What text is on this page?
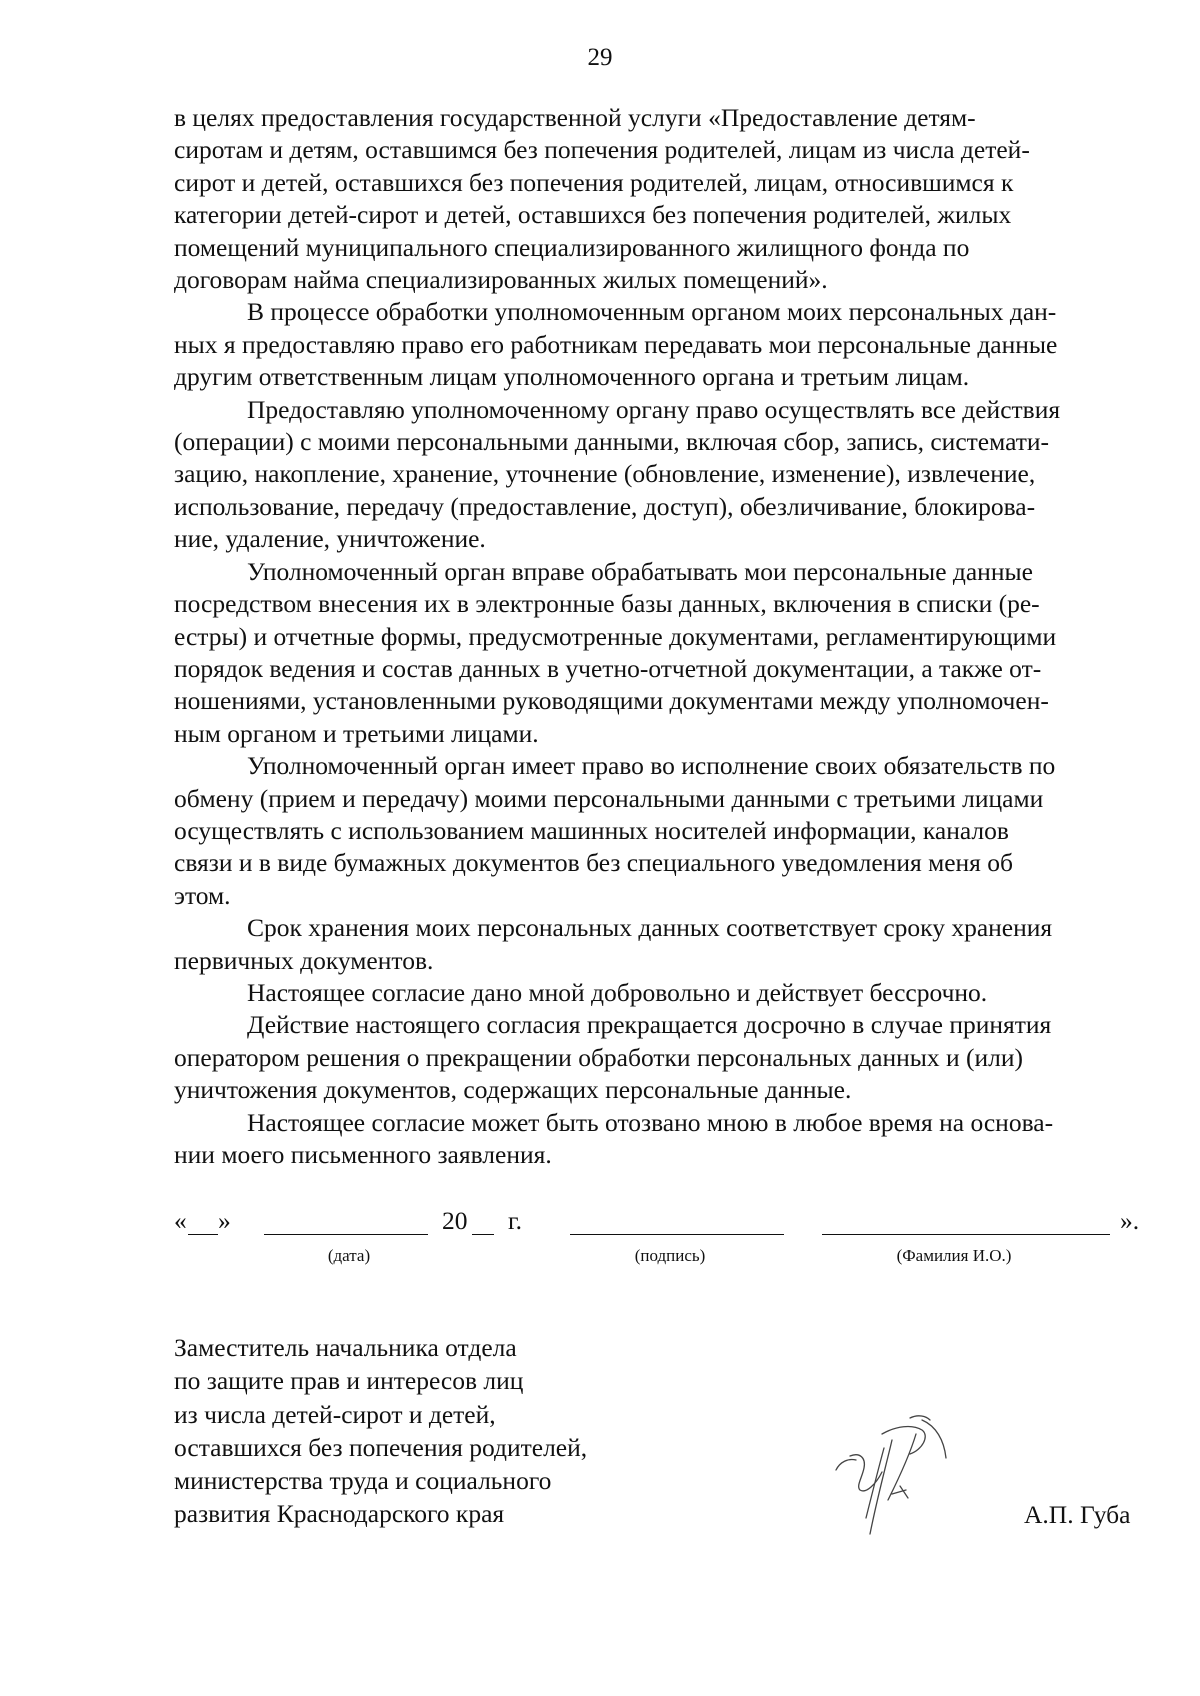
29

в целях предоставления государственной услуги «Предоставление детям-
сиротам и детям, оставшимся без попечения родителей, лицам из числа детей-
сирот и детей, оставшихся без попечения родителей, лицам, относившимся к
категории детей-сирот и детей, оставшихся без попечения родителей, жилых
помещений муниципального специализированного жилищного фонда по
договорам найма специализированных жилых помещений».

В процессе обработки уполномоченным органом моих персональных дан-
ных я предоставляю право его работникам передавать мои персональные данные
другим ответственным лицам уполномоченного органа и третьим лицам.

Предоставляю уполномоченному органу право осуществлять все действия
(операции) с моими персональными данными, включая сбор, запись, системати-
зацию, накопление, хранение, уточнение (обновление, изменение), извлечение,
использование, передачу (предоставление, доступ), обезличивание, блокирова-
ние, удаление, уничтожение.

Уполномоченный орган вправе обрабатывать мои персональные данные
посредством внесения их в электронные базы данных, включения в списки (ре-
естры) и отчетные формы, предусмотренные документами, регламентирующими
порядок ведения и состав данных в учетно-отчетной документации, а также от-
ношениями, установленными руководящими документами между уполномочен-
ным органом и третьими лицами.

Уполномоченный орган имеет право во исполнение своих обязательств по
обмену (прием и передачу) моими персональными данными с третьими лицами
осуществлять с использованием машинных носителей информации, каналов
связи и в виде бумажных документов без специального уведомления меня об
этом.

Срок хранения моих персональных данных соответствует сроку хранения
первичных документов.

Настоящее согласие дано мной добровольно и действует бессрочно.

Действие настоящего согласия прекращается досрочно в случае принятия
оператором решения о прекращении обработки персональных данных и (или)
уничтожения документов, содержащих персональные данные.

Настоящее согласие может быть отозвано мною в любое время на основа-
нии моего письменного заявления.

« »	20 г.	».
(дата)	(подпись)	(Фамилия И.О.)
Заместитель начальника отдела
по защите прав и интересов лиц
из числа детей-сирот и детей,
оставшихся без попечения родителей,
министерства труда и социального
развития Краснодарского края	А.П. Губа
